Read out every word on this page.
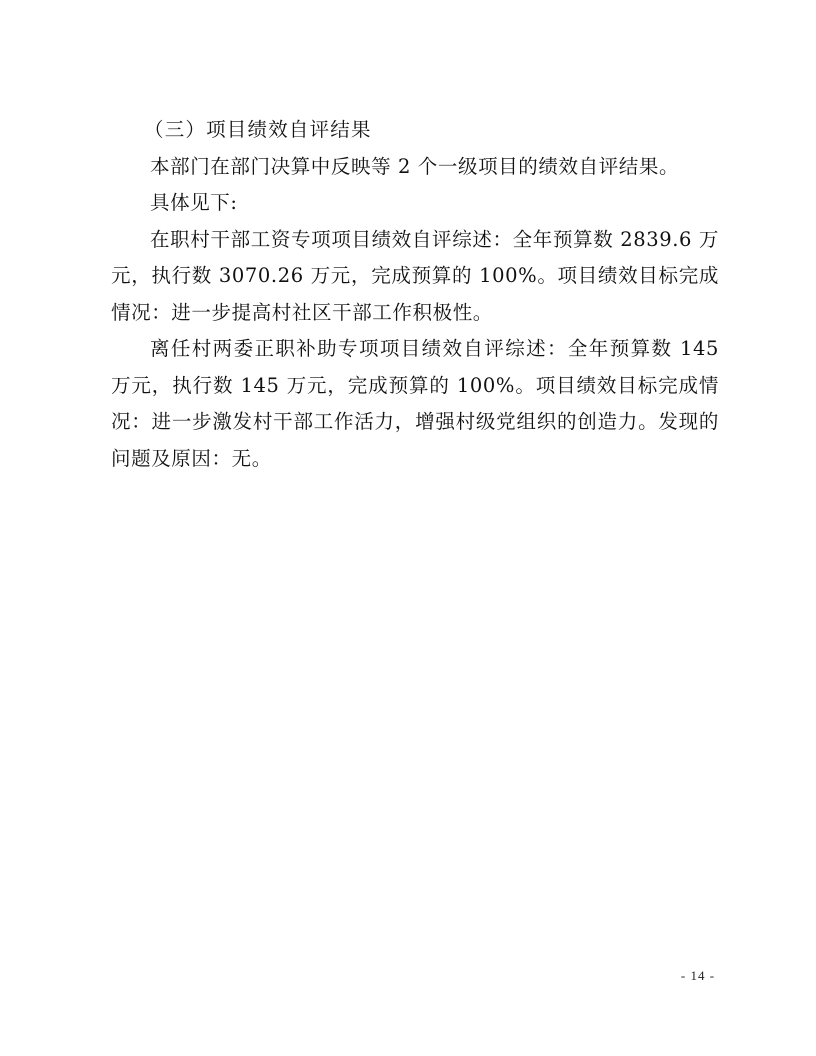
（三）项目绩效自评结果

本部门在部门决算中反映等 2 个一级项目的绩效自评结果。

具体见下:

在职村干部工资专项项目绩效自评综述：全年预算数 2839.6 万元，执行数 3070.26 万元，完成预算的 100%。项目绩效目标完成情况：进一步提高村社区干部工作积极性。

离任村两委正职补助专项项目绩效自评综述：全年预算数 145 万元，执行数 145 万元，完成预算的 100%。项目绩效目标完成情况：进一步激发村干部工作活力，增强村级党组织的创造力。发现的问题及原因：无。

- 14 -
